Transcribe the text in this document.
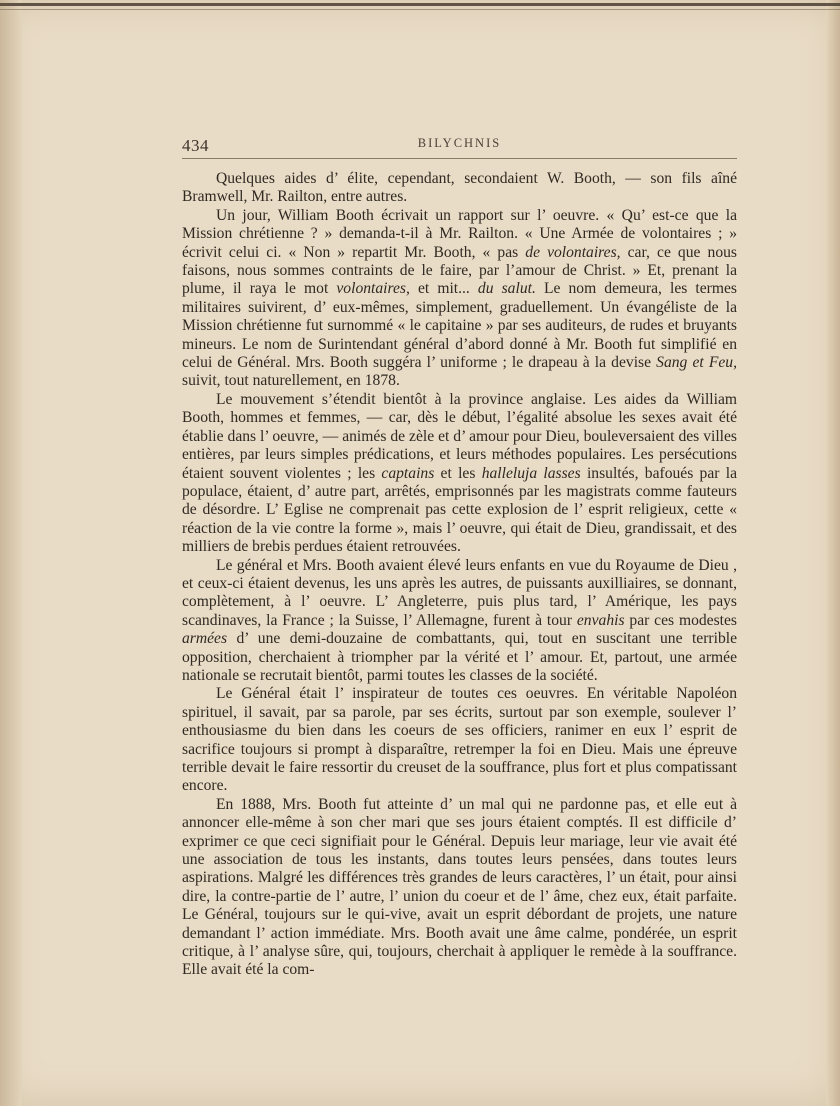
434	BILYCHNIS

Quelques aides d’ élite, cependant, secondaient W. Booth, — son fils aîné Bramwell, Mr. Railton, entre autres.

Un jour, William Booth écrivait un rapport sur l’ oeuvre. « Qu’ est-ce que la Mission chrétienne ? » demanda-t-il à Mr. Railton. « Une Armée de volontaires ; » écrivit celui ci. « Non » repartit Mr. Booth, « pas de volontaires, car, ce que nous faisons, nous sommes contraints de le faire, par l’amour de Christ. » Et, prenant la plume, il raya le mot volontaires, et mit... du salut. Le nom demeura, les termes militaires suivirent, d’ eux-mêmes, simplement, graduellement. Un évangéliste de la Mission chrétienne fut surnommé « le capitaine » par ses auditeurs, de rudes et bruyants mineurs. Le nom de Surintendant général d’abord donné à Mr. Booth fut simplifié en celui de Général. Mrs. Booth suggéra l’ uniforme ; le drapeau à la devise Sang et Feu, suivit, tout naturellement, en 1878.

Le mouvement s’étendit bientôt à la province anglaise. Les aides da William Booth, hommes et femmes, — car, dès le début, l’égalité absolue les sexes avait été établie dans l’ oeuvre, — animés de zèle et d’ amour pour Dieu, bouleversaient des villes entières, par leurs simples prédications, et leurs méthodes populaires. Les persécutions étaient souvent violentes ; les captains et les halleluja lasses insultés, bafoués par la populace, étaient, d’ autre part, arrêtés, emprisonnés par les magistrats comme fauteurs de désordre. L’ Eglise ne comprenait pas cette explosion de l’ esprit religieux, cette « réaction de la vie contre la forme », mais l’ oeuvre, qui était de Dieu, grandissait, et des milliers de brebis perdues étaient retrouvées.

Le général et Mrs. Booth avaient élevé leurs enfants en vue du Royaume de Dieu , et ceux-ci étaient devenus, les uns après les autres, de puissants auxilliaires, se donnant, complètement, à l’ oeuvre. L’ Angleterre, puis plus tard, l’ Amérique, les pays scandinaves, la France ; la Suisse, l’ Allemagne, furent à tour envahis par ces modestes armées d’ une demi-douzaine de combattants, qui, tout en suscitant une terrible opposition, cherchaient à triompher par la vérité et l’ amour. Et, partout, une armée nationale se recrutait bientôt, parmi toutes les classes de la société.

Le Général était l’ inspirateur de toutes ces oeuvres. En véritable Napoléon spirituel, il savait, par sa parole, par ses écrits, surtout par son exemple, soulever l’ enthousiasme du bien dans les coeurs de ses officiers, ranimer en eux l’ esprit de sacrifice toujours si prompt à disparaître, retremper la foi en Dieu. Mais une épreuve terrible devait le faire ressortir du creuset de la souffrance, plus fort et plus compatissant encore.

En 1888, Mrs. Booth fut atteinte d’ un mal qui ne pardonne pas, et elle eut à annoncer elle-même à son cher mari que ses jours étaient comptés. Il est difficile d’ exprimer ce que ceci signifiait pour le Général. Depuis leur mariage, leur vie avait été une association de tous les instants, dans toutes leurs pensées, dans toutes leurs aspirations. Malgré les différences très grandes de leurs caractères, l’ un était, pour ainsi dire, la contre-partie de l’ autre, l’ union du coeur et de l’ âme, chez eux, était parfaite. Le Général, toujours sur le qui-vive, avait un esprit débordant de projets, une nature demandant l’ action immédiate. Mrs. Booth avait une âme calme, pondérée, un esprit critique, à l’ analyse sûre, qui, toujours, cherchait à appliquer le remède à la souffrance. Elle avait été la com-
